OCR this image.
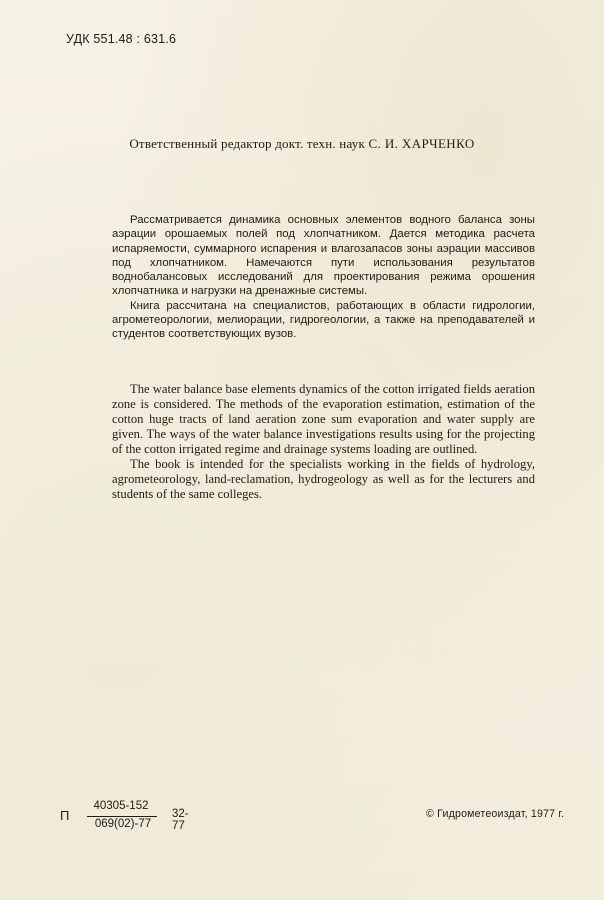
УДК 551.48 : 631.6
Ответственный редактор докт. техн. наук С. И. ХАРЧЕНКО

Рассматривается динамика основных элементов водного баланса зоны аэрации орошаемых полей под хлопчатником. Дается методика расчета испаряемости, суммарного испарения и влагозапасов зоны аэрации массивов под хлопчатником. Намечаются пути использования результатов воднобалансовых исследований для проектирования режима орошения хлопчатника и нагрузки на дренажные системы.

Книга рассчитана на специалистов, работающих в области гидрологии, агрометеорологии, мелиорации, гидрогеологии, а также на преподавателей и студентов соответствующих вузов.

The water balance base elements dynamics of the cotton irrigated fields aeration zone is considered. The methods of the evaporation estimation, estimation of the cotton huge tracts of land aeration zone sum evaporation and water supply are given. The ways of the water balance investigations results using for the projecting of the cotton irrigated regime and drainage systems loading are outlined.

The book is intended for the specialists working in the fields of hydrology, agrometeorology, land-reclamation, hydrogeology as well as for the lecturers and students of the same colleges.

П
40305-152
069(02)-77
32-77
© Гидрометеоиздат, 1977 г.
